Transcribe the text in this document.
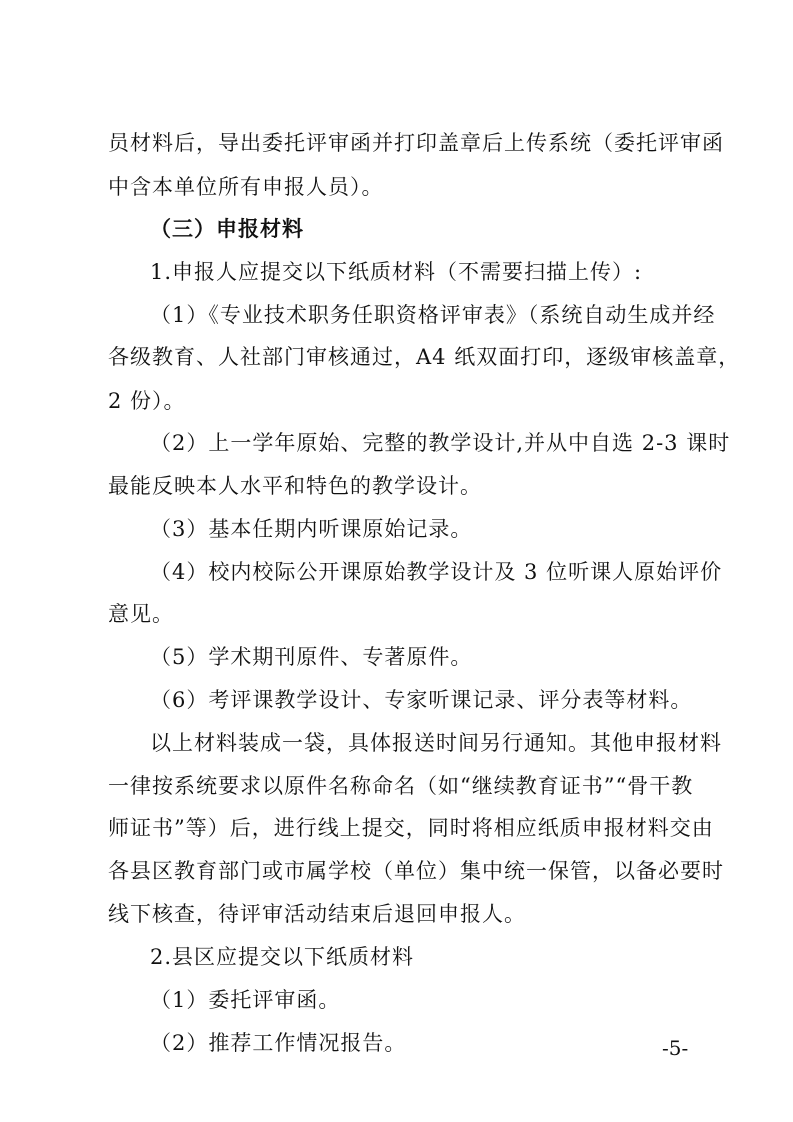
员材料后，导出委托评审函并打印盖章后上传系统（委托评审函
中含本单位所有申报人员）。
（三）申报材料
1.申报人应提交以下纸质材料（不需要扫描上传）:
（1）《专业技术职务任职资格评审表》（系统自动生成并经
各级教育、人社部门审核通过，A4 纸双面打印，逐级审核盖章，
2 份）。
（2）上一学年原始、完整的教学设计,并从中自选 2-3 课时
最能反映本人水平和特色的教学设计。
（3）基本任期内听课原始记录。
（4）校内校际公开课原始教学设计及 3 位听课人原始评价
意见。
（5）学术期刊原件、专著原件。
（6）考评课教学设计、专家听课记录、评分表等材料。
以上材料装成一袋，具体报送时间另行通知。其他申报材料
一律按系统要求以原件名称命名（如“继续教育证书”“骨干教
师证书”等）后，进行线上提交，同时将相应纸质申报材料交由
各县区教育部门或市属学校（单位）集中统一保管，以备必要时
线下核查，待评审活动结束后退回申报人。
2.县区应提交以下纸质材料
（1）委托评审函。
（2）推荐工作情况报告。	-5-
